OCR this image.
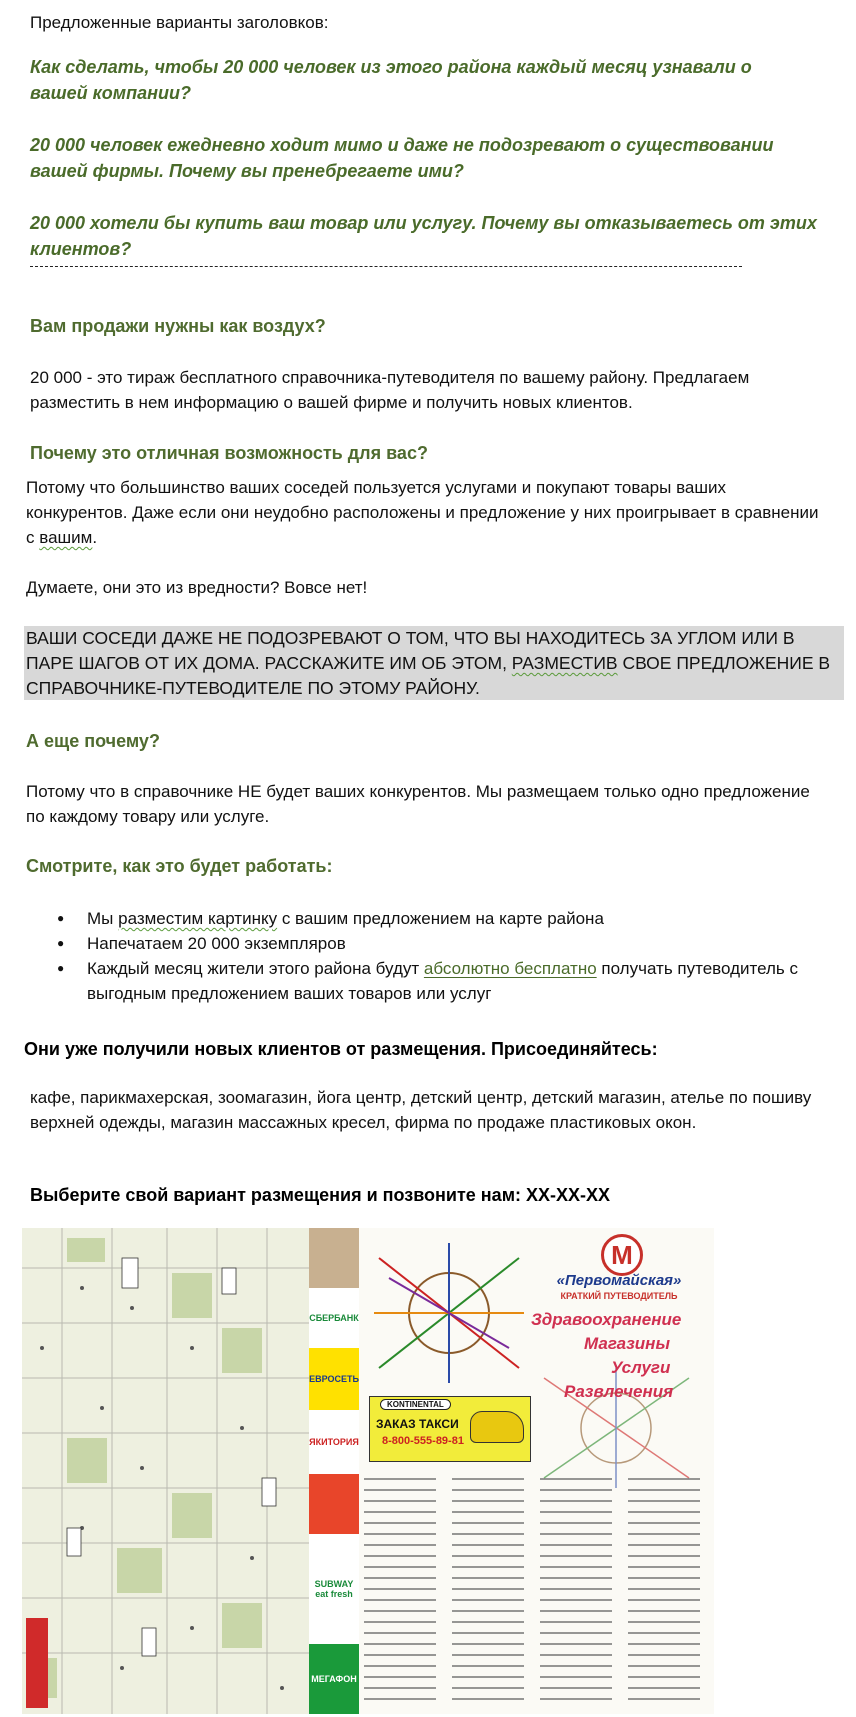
Предложенные варианты заголовков:

Как сделать, чтобы 20 000 человек из этого района каждый месяц узнавали о вашей компании?

20 000 человек ежедневно ходит мимо и даже не подозревают о существовании вашей фирмы. Почему вы пренебрегаете ими?

20 000 хотели бы купить ваш товар или услугу. Почему вы отказываетесь от этих клиентов?

Вам продажи нужны как воздух?

20 000 - это тираж бесплатного справочника-путеводителя по вашему району. Предлагаем разместить в нем информацию о вашей фирме и получить новых клиентов.

Почему это отличная возможность для вас?

Потому что большинство ваших соседей пользуется услугами и покупают товары ваших конкурентов. Даже если они неудобно расположены и предложение у них проигрывает в сравнении с вашим.

Думаете, они это из вредности? Вовсе нет!

ВАШИ СОСЕДИ ДАЖЕ НЕ ПОДОЗРЕВАЮТ О ТОМ, ЧТО ВЫ НАХОДИТЕСЬ ЗА УГЛОМ ИЛИ В ПАРЕ ШАГОВ ОТ ИХ ДОМА. РАССКАЖИТЕ ИМ ОБ ЭТОМ, РАЗМЕСТИВ СВОЕ ПРЕДЛОЖЕНИЕ В СПРАВОЧНИКЕ-ПУТЕВОДИТЕЛЕ ПО ЭТОМУ РАЙОНУ.

А еще почему?

Потому что в справочнике НЕ будет ваших конкурентов. Мы размещаем только одно предложение по каждому товару или услуге.

Смотрите, как это будет работать:

● Мы разместим картинку с вашим предложением на карте района
● Напечатаем 20 000 экземпляров
● Каждый месяц жители этого района будут абсолютно бесплатно получать путеводитель с выгодным предложением ваших товаров или услуг

Они уже получили новых клиентов от размещения. Присоединяйтесь:

кафе, парикмахерская, зоомагазин, йога центр, детский центр, детский магазин, ателье по пошиву верхней одежды, магазин массажных кресел, фирма по продаже пластиковых окон.

Выберите свой вариант размещения и позвоните нам: XX-XX-XX

СБЕРБАНК
ЕВРОСЕТЬ
ЯКИТОРИЯ
SUBWAY eat fresh
МЕГАФОН
М
«Первомайская»
КРАТКИЙ ПУТЕВОДИТЕЛЬ
Здравоохранение
Магазины
Услуги
Развлечения
KONTINENTAL
ЗАКАЗ ТАКСИ
8-800-555-89-81
